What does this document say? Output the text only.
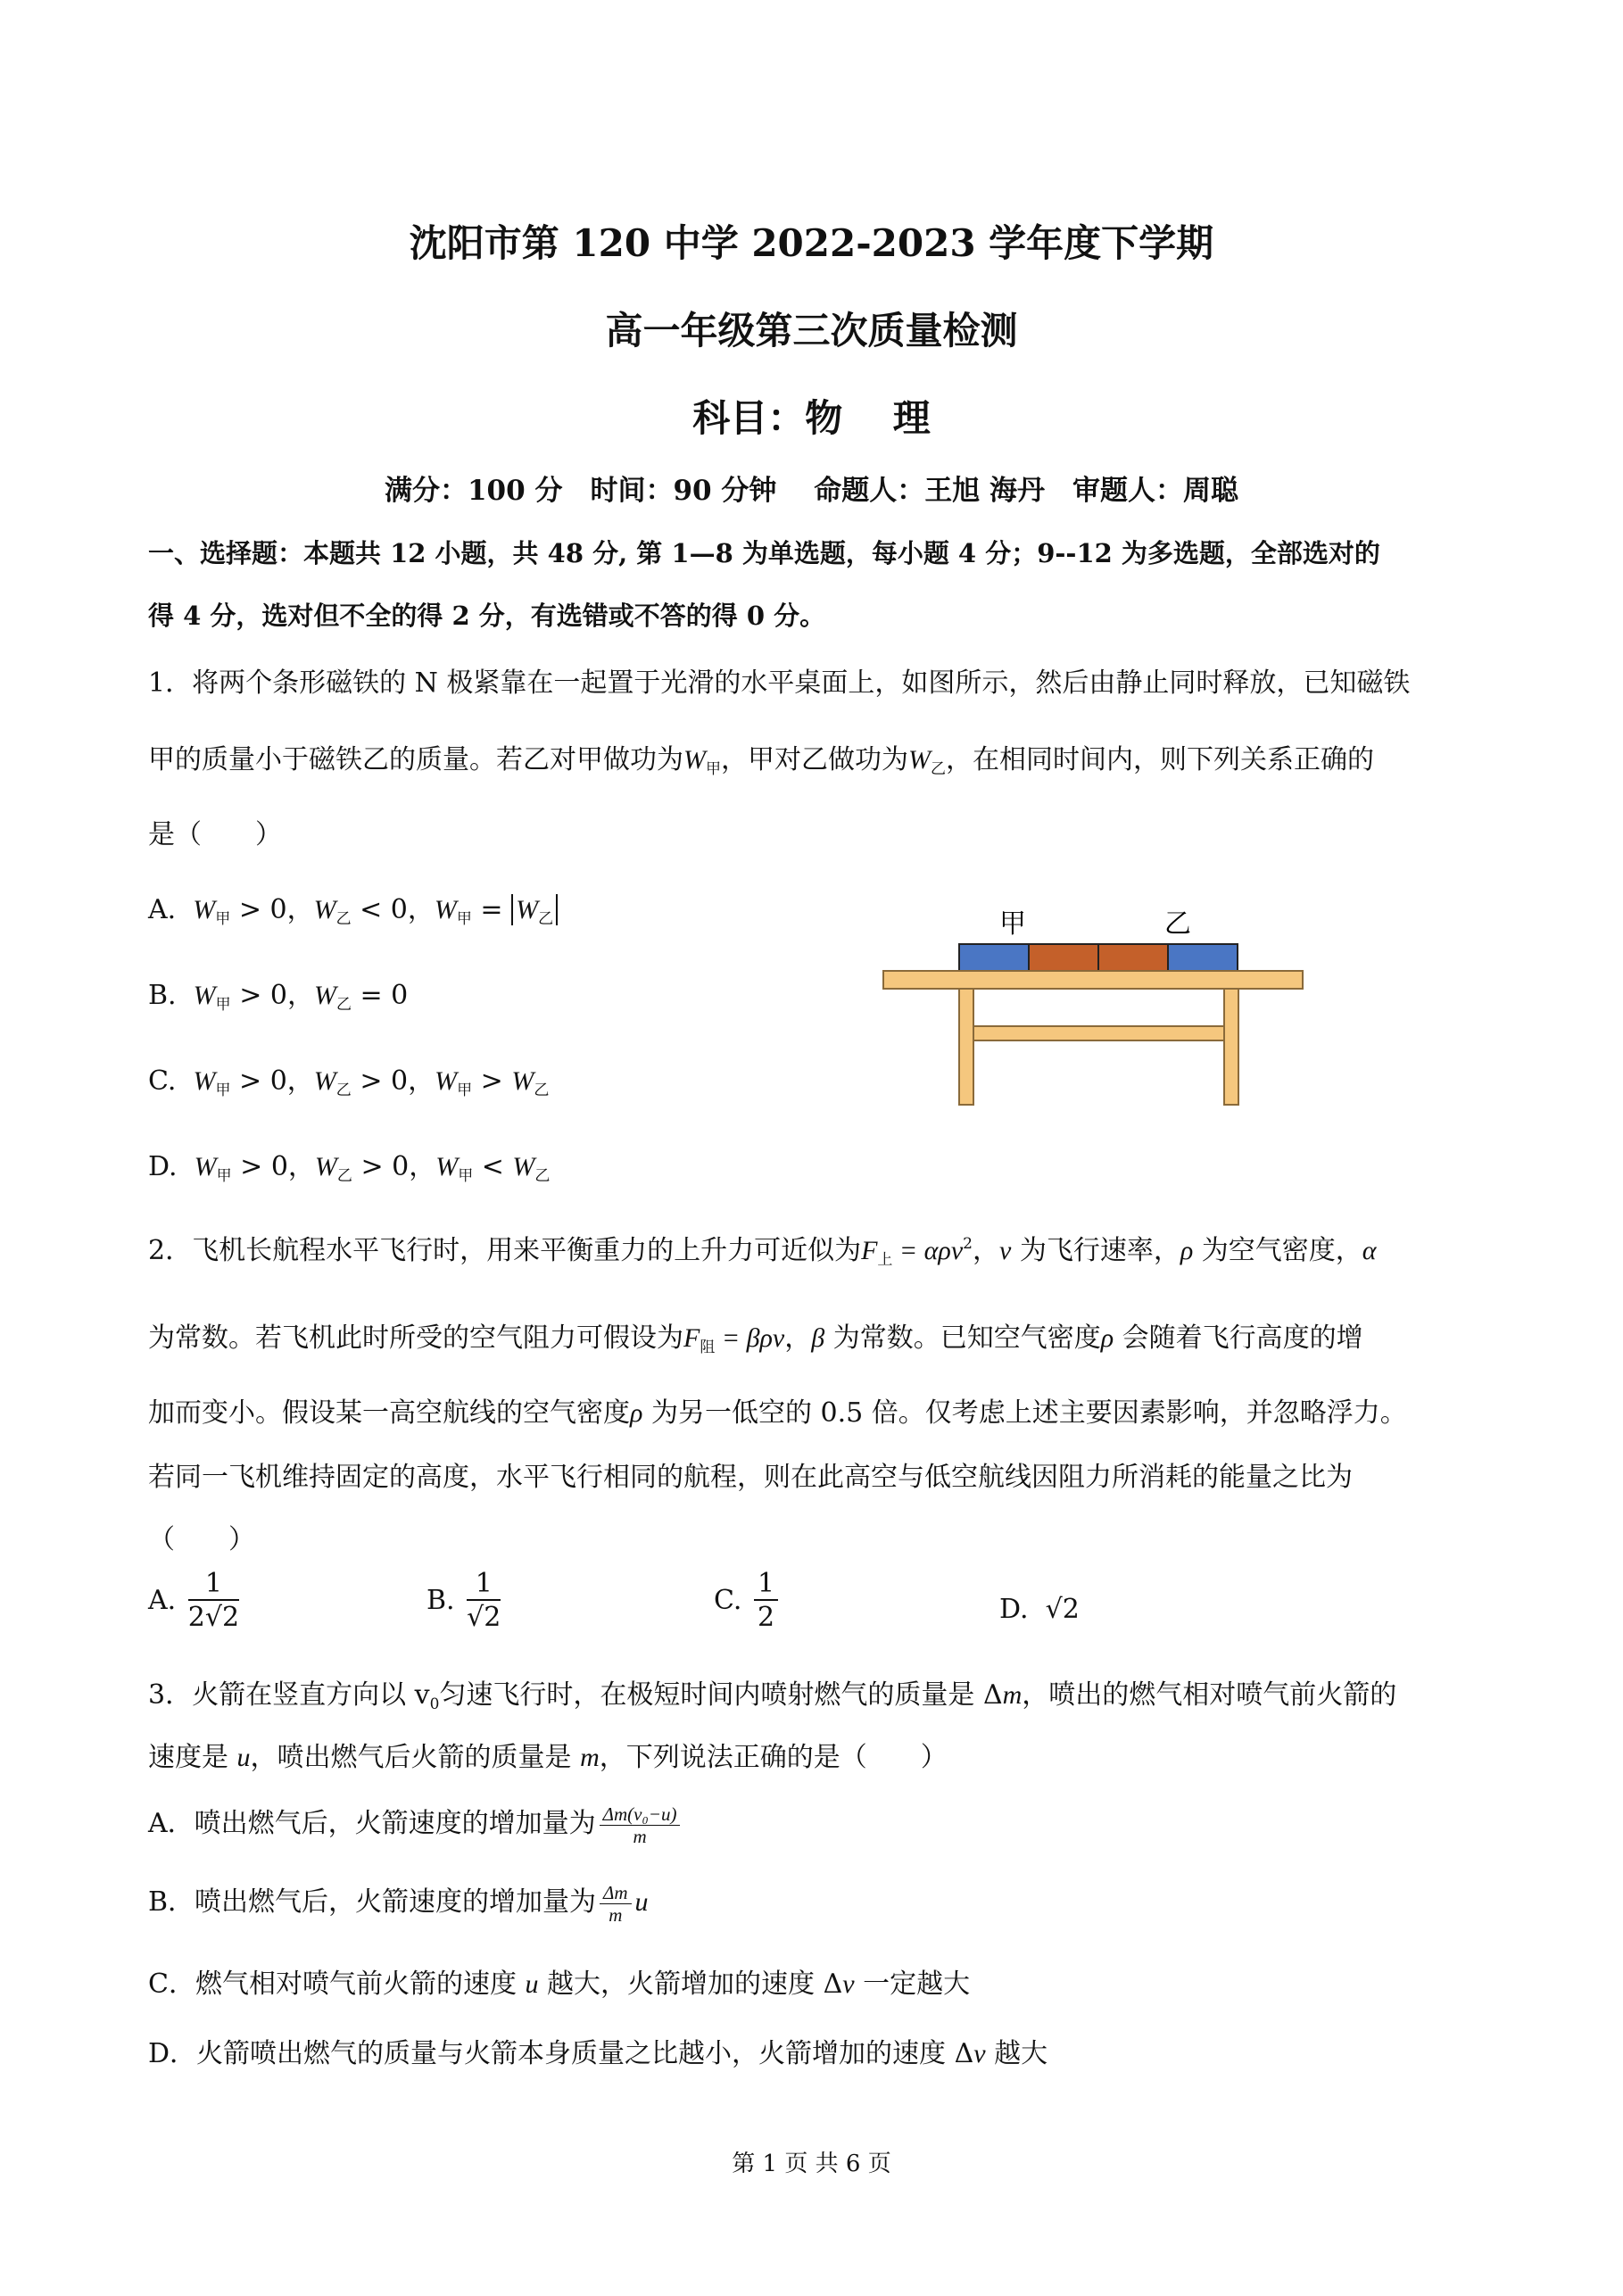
沈阳市第 120 中学 2022-2023 学年度下学期
高一年级第三次质量检测
科目：物　 理
满分：100 分　时间：90 分钟　 命题人：王旭 海丹　审题人：周聪
一、选择题：本题共 12 小题，共 48 分, 第 1—8 为单选题，每小题 4 分；9--12 为多选题，全部选对的
得 4 分，选对但不全的得 2 分，有选错或不答的得 0 分。
1．将两个条形磁铁的 N 极紧靠在一起置于光滑的水平桌面上，如图所示，然后由静止同时释放，已知磁铁
甲的质量小于磁铁乙的质量。若乙对甲做功为$W_甲$，甲对乙做功为$W_乙$，在相同时间内，则下列关系正确的
是（　　）
A. $W_甲 > 0$，$W_乙 < 0$，$W_甲 = W_乙$
B. $W_甲 > 0$，$W_乙 = 0$
C. $W_甲 > 0$，$W_乙 > 0$，$W_甲 > W_乙$
D. $W_甲 > 0$，$W_乙 > 0$，$W_甲 < W_乙$
甲	乙
2．飞机长航程水平飞行时，用来平衡重力的上升力可近似为$F_上 = \alpha\rho v^2$，v 为飞行速率，ρ 为空气密度，α
为常数。若飞机此时所受的空气阻力可假设为$F_阻 = \beta\rho v$，β 为常数。已知空气密度ρ 会随着飞行高度的增
加而变小。假设某一高空航线的空气密度ρ 为另一低空的 0.5 倍。仅考虑上述主要因素影响，并忽略浮力。
若同一飞机维持固定的高度，水平飞行相同的航程，则在此高空与低空航线因阻力所消耗的能量之比为
（　　）
A. $\frac{1}{2√2}$	B. $\frac{1}{√2}$	C. $\frac{1}{2}$	D. √2
3．火箭在竖直方向以 $v_0$匀速飞行时，在极短时间内喷射燃气的质量是 Δm，喷出的燃气相对喷气前火箭的
速度是 u，喷出燃气后火箭的质量是 m，下列说法正确的是（　　）
A．喷出燃气后，火箭速度的增加量为 $\frac{\text{Δm(v₀−u)}}{m}$
B．喷出燃气后，火箭速度的增加量为 $\frac{\Delta m}{m}$ u
C．燃气相对喷气前火箭的速度 u 越大，火箭增加的速度 Δv 一定越大
D．火箭喷出燃气的质量与火箭本身质量之比越小，火箭增加的速度 Δv 越大
第 1 页 共 6 页
